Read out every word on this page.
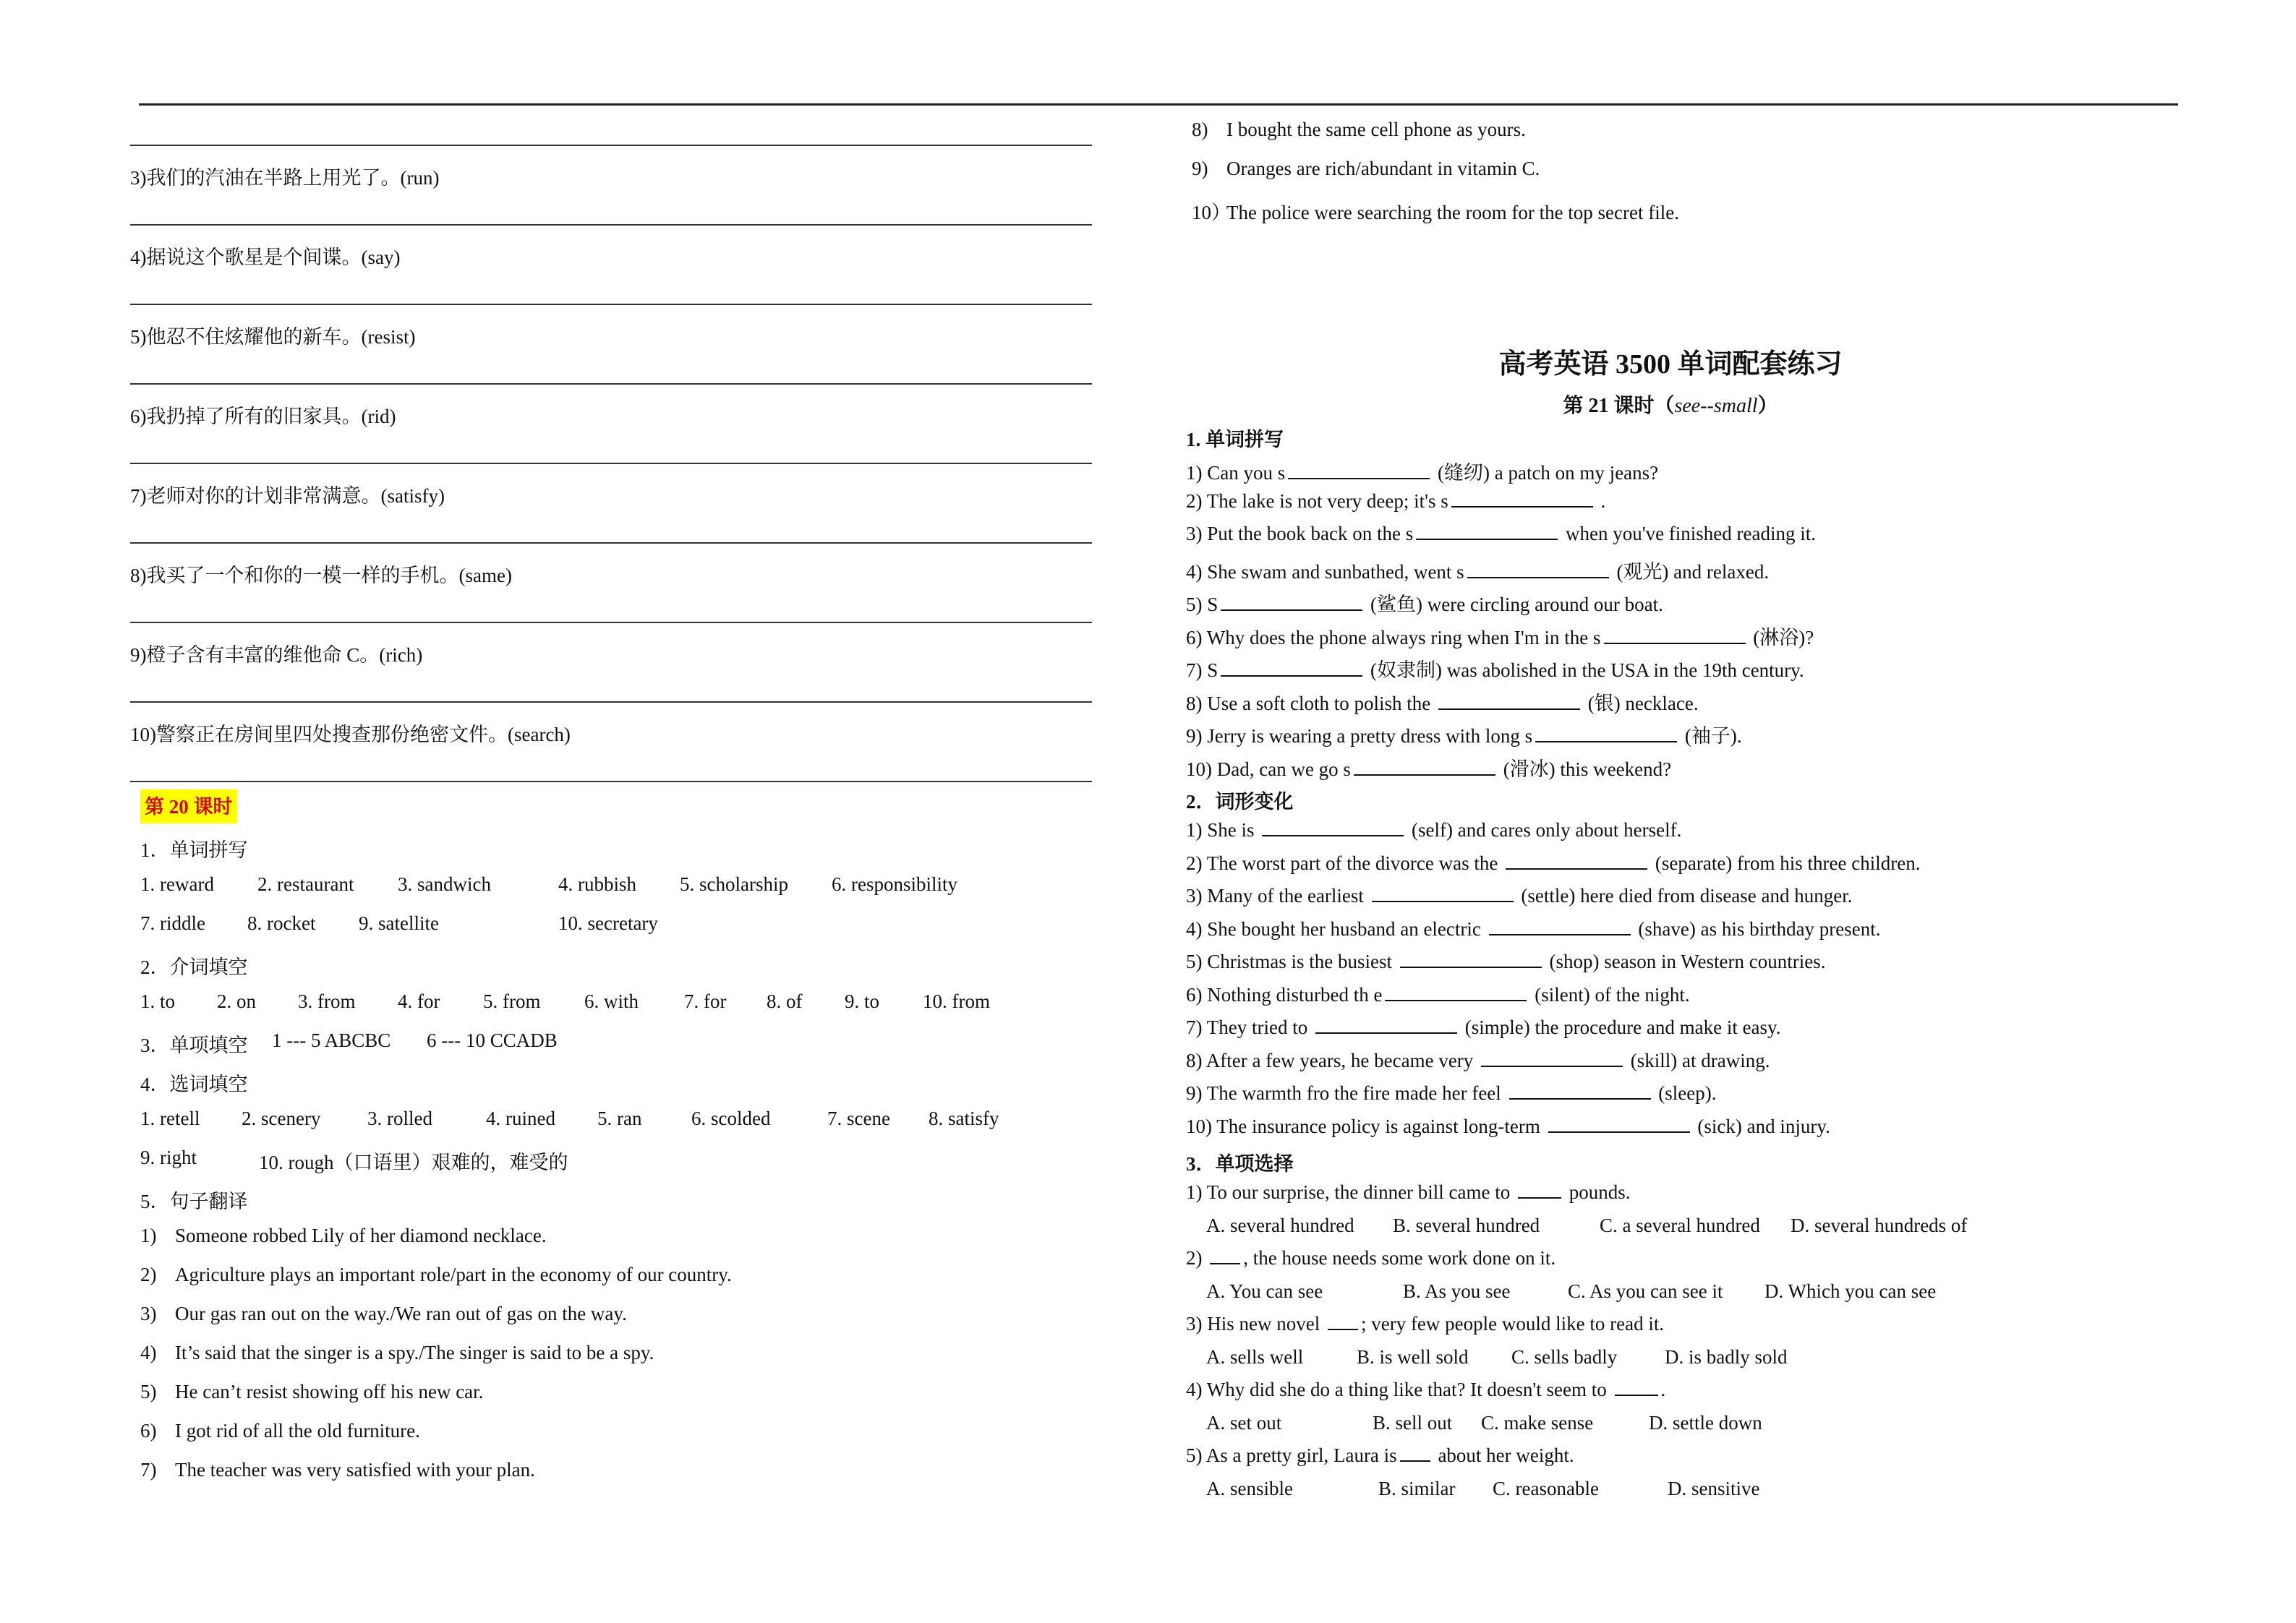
3)我们的汽油在半路上用光了。(run)
4)据说这个歌星是个间谍。(say)
5)他忍不住炫耀他的新车。(resist)
6)我扔掉了所有的旧家具。(rid)
7)老师对你的计划非常满意。(satisfy)
8)我买了一个和你的一模一样的手机。(same)
9)橙子含有丰富的维他命 C。(rich)
10)警察正在房间里四处搜查那份绝密文件。(search)
第 20 课时
1．单词拼写
1. reward 2. restaurant 3. sandwich	4. rubbish 5. scholarship 6. responsibility
7. riddle 8. rocket 9. satellite	10. secretary
2．介词填空
1. to 2. on 3. from 4. for 5. from 6. with 7. for 8. of 9. to 10. from
3．单项填空 1 --- 5 ABCBC 6 --- 10 CCADB
4．选词填空
1. retell 2. scenery 3. rolled	4. ruined 5. ran	6. scolded	7. scene 8. satisfy
9. right	10. rough（口语里）艰难的，难受的
5．句子翻译
1) Someone robbed Lily of her diamond necklace.
2) Agriculture plays an important role/part in the economy of our country.
3) Our gas ran out on the way./We ran out of gas on the way.
4) It’s said that the singer is a spy./The singer is said to be a spy.
5) He can’t resist showing off his new car.
6) I got rid of all the old furniture.
7) The teacher was very satisfied with your plan.
8) I bought the same cell phone as yours.
9) Oranges are rich/abundant in vitamin C.
10）The police were searching the room for the top secret file.
高考英语 3500 单词配套练习
第 21 课时（see--small）
1. 单词拼写
1) Can you s	(缝纫) a patch on my jeans?
2) The lake is not very deep; it's s	.
3) Put the book back on the s	when you've finished reading it.
4) She swam and sunbathed, went s	(观光) and relaxed.
5) S	(鲨鱼) were circling around our boat.
6) Why does the phone always ring when I'm in the s	(淋浴)?
7) S	(奴隶制) was abolished in the USA in the 19th century.
8) Use a soft cloth to polish the	(银) necklace.
9) Jerry is wearing a pretty dress with long s	(袖子).
10) Dad, can we go s	(滑冰) this weekend?
2．词形变化
1) She is	(self) and cares only about herself.
2) The worst part of the divorce was the	(separate) from his three children.
3) Many of the earliest	(settle) here died from disease and hunger.
4) She bought her husband an electric	(shave) as his birthday present.
5) Christmas is the busiest	(shop) season in Western countries.
6) Nothing disturbed th e	(silent) of the night.
7) They tried to	(simple) the procedure and make it easy.
8) After a few years, he became very	(skill) at drawing.
9) The warmth fro the fire made her feel	(sleep).
10) The insurance policy is against long-term	(sick) and injury.
3．单项选择
1) To our surprise, the dinner bill came to	pounds.
A. several hundred B. several hundred	C. a several hundred D. several hundreds of
2) , the house needs some work done on it.
A. You can see	B. As you see	C. As you can see it D. Which you can see
3) His new novel ; very few people would like to read it.
A. sells well	B. is well sold C. sells badly D. is badly sold
4) Why did she do a thing like that? It doesn't seem to	.
A. set out	B. sell out C. make sense	D. settle down
5) As a pretty girl, Laura is about her weight.
A. sensible	B. similar C. reasonable	D. sensitive
